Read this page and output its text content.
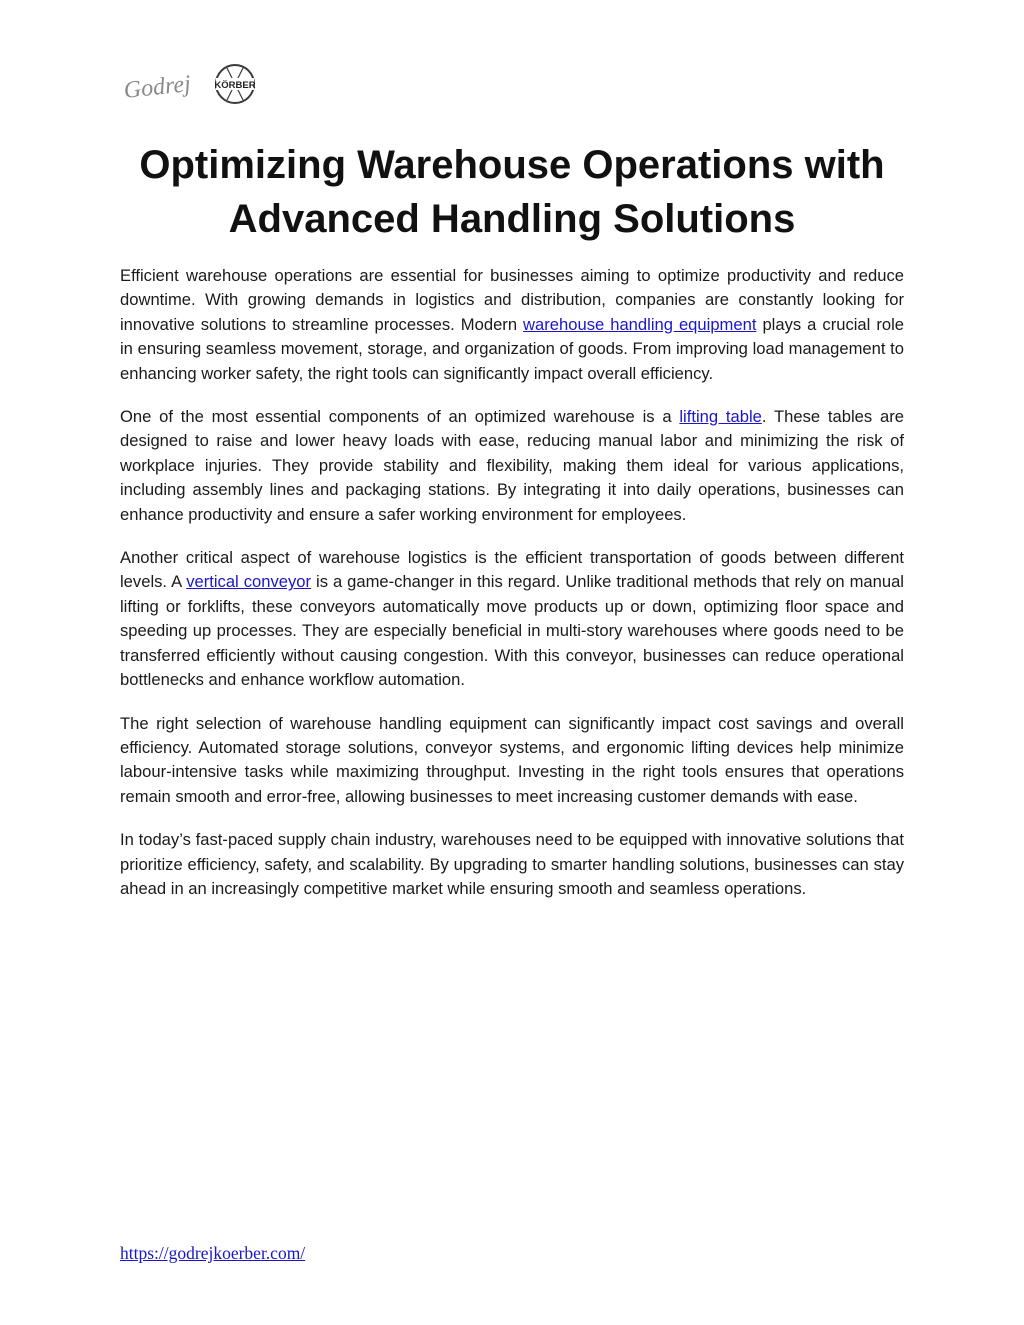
Godrej KÖRBER
Optimizing Warehouse Operations with Advanced Handling Solutions

Efficient warehouse operations are essential for businesses aiming to optimize productivity and reduce downtime. With growing demands in logistics and distribution, companies are constantly looking for innovative solutions to streamline processes. Modern warehouse handling equipment plays a crucial role in ensuring seamless movement, storage, and organization of goods. From improving load management to enhancing worker safety, the right tools can significantly impact overall efficiency.

One of the most essential components of an optimized warehouse is a lifting table. These tables are designed to raise and lower heavy loads with ease, reducing manual labor and minimizing the risk of workplace injuries. They provide stability and flexibility, making them ideal for various applications, including assembly lines and packaging stations. By integrating it into daily operations, businesses can enhance productivity and ensure a safer working environment for employees.

Another critical aspect of warehouse logistics is the efficient transportation of goods between different levels. A vertical conveyor is a game-changer in this regard. Unlike traditional methods that rely on manual lifting or forklifts, these conveyors automatically move products up or down, optimizing floor space and speeding up processes. They are especially beneficial in multi-story warehouses where goods need to be transferred efficiently without causing congestion. With this conveyor, businesses can reduce operational bottlenecks and enhance workflow automation.

The right selection of warehouse handling equipment can significantly impact cost savings and overall efficiency. Automated storage solutions, conveyor systems, and ergonomic lifting devices help minimize labour-intensive tasks while maximizing throughput. Investing in the right tools ensures that operations remain smooth and error-free, allowing businesses to meet increasing customer demands with ease.

In today’s fast-paced supply chain industry, warehouses need to be equipped with innovative solutions that prioritize efficiency, safety, and scalability. By upgrading to smarter handling solutions, businesses can stay ahead in an increasingly competitive market while ensuring smooth and seamless operations.

https://godrejkoerber.com/
